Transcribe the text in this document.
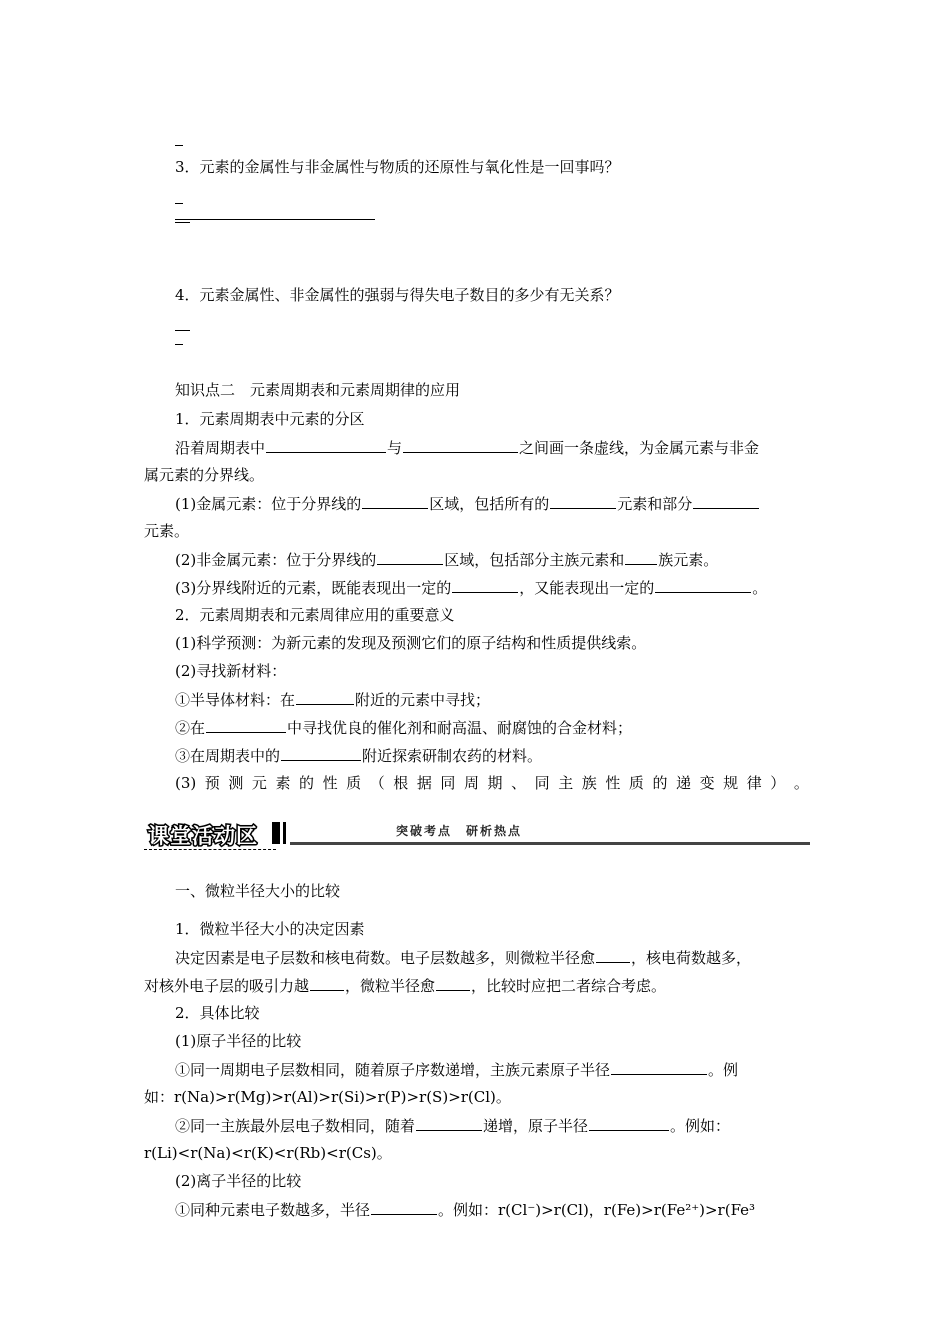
3．元素的金属性与非金属性与物质的还原性与氧化性是一回事吗？
4．元素金属性、非金属性的强弱与得失电子数目的多少有无关系？
知识点二　元素周期表和元素周期律的应用
1．元素周期表中元素的分区
沿着周期表中	与	之间画一条虚线，为金属元素与非金
属元素的分界线。
(1)金属元素：位于分界线的	区域，包括所有的	元素和部分
元素。
(2)非金属元素：位于分界线的	区域，包括部分主族元素和 族元素。
(3)分界线附近的元素，既能表现出一定的	，又能表现出一定的	。
2．元素周期表和元素周律应用的重要意义
(1)科学预测：为新元素的发现及预测它们的原子结构和性质提供线索。
(2)寻找新材料：
①半导体材料：在	附近的元素中寻找；
②在	中寻找优良的催化剂和耐高温、耐腐蚀的合金材料；
③在周期表中的	附近探索研制农药的材料。
(3) 预 测 元 素 的 性 质 （ 根 据 同 周 期 、 同 主 族 性 质 的 递 变 规 律 ） 。
课堂活动区	突破考点　研析热点
一、微粒半径大小的比较
1．微粒半径大小的决定因素
决定因素是电子层数和核电荷数。电子层数越多，则微粒半径愈 ，核电荷数越多，
对核外电子层的吸引力越 ，微粒半径愈 ，比较时应把二者综合考虑。
2．具体比较
(1)原子半径的比较
①同一周期电子层数相同，随着原子序数递增，主族元素原子半径	。例
如：r(Na)>r(Mg)>r(Al)>r(Si)>r(P)>r(S)>r(Cl)。
②同一主族最外层电子数相同，随着	递增，原子半径	。例如：
r(Li)<r(Na)<r(K)<r(Rb)<r(Cs)。
(2)离子半径的比较
①同种元素电子数越多，半径	。例如：r(Cl⁻)>r(Cl)，r(Fe)>r(Fe²⁺)>r(Fe³
